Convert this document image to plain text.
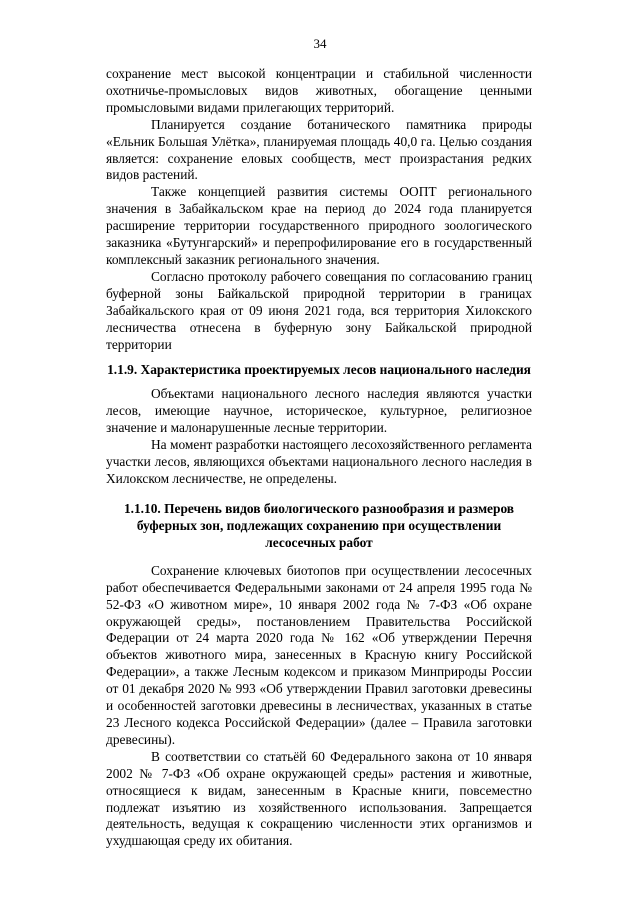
34

сохранение мест высокой концентрации и стабильной численности охотничье-промысловых видов животных, обогащение ценными промысловыми видами прилегающих территорий.

Планируется создание ботанического памятника природы «Ельник Большая Улётка», планируемая площадь 40,0 га. Целью создания является: сохранение еловых сообществ, мест произрастания редких видов растений.

Также концепцией развития системы ООПТ регионального значения в Забайкальском крае на период до 2024 года планируется расширение территории государственного природного зоологического заказника «Бутунгарский» и перепрофилирование его в государственный комплексный заказник регионального значения.

Согласно протоколу рабочего совещания по согласованию границ буферной зоны Байкальской природной территории в границах Забайкальского края от 09 июня 2021 года, вся территория Хилокского лесничества отнесена в буферную зону Байкальской природной территории

1.1.9. Характеристика проектируемых лесов национального наследия

Объектами национального лесного наследия являются участки лесов, имеющие научное, историческое, культурное, религиозное значение и малонарушенные лесные территории.

На момент разработки настоящего лесохозяйственного регламента участки лесов, являющихся объектами национального лесного наследия в Хилокском лесничестве, не определены.

1.1.10. Перечень видов биологического разнообразия и размеров буферных зон, подлежащих сохранению при осуществлении лесосечных работ

Сохранение ключевых биотопов при осуществлении лесосечных работ обеспечивается Федеральными законами от 24 апреля 1995 года № 52-ФЗ «О животном мире», 10 января 2002 года № 7-ФЗ «Об охране окружающей среды», постановлением Правительства Российской Федерации от 24 марта 2020 года № 162 «Об утверждении Перечня объектов животного мира, занесенных в Красную книгу Российской Федерации», а также Лесным кодексом и приказом Минприроды России от 01 декабря 2020 № 993 «Об утверждении Правил заготовки древесины и особенностей заготовки древесины в лесничествах, указанных в статье 23 Лесного кодекса Российской Федерации» (далее – Правила заготовки древесины).

В соответствии со статьёй 60 Федерального закона от 10 января 2002 № 7-ФЗ «Об охране окружающей среды» растения и животные, относящиеся к видам, занесенным в Красные книги, повсеместно подлежат изъятию из хозяйственного использования. Запрещается деятельность, ведущая к сокращению численности этих организмов и ухудшающая среду их обитания.
